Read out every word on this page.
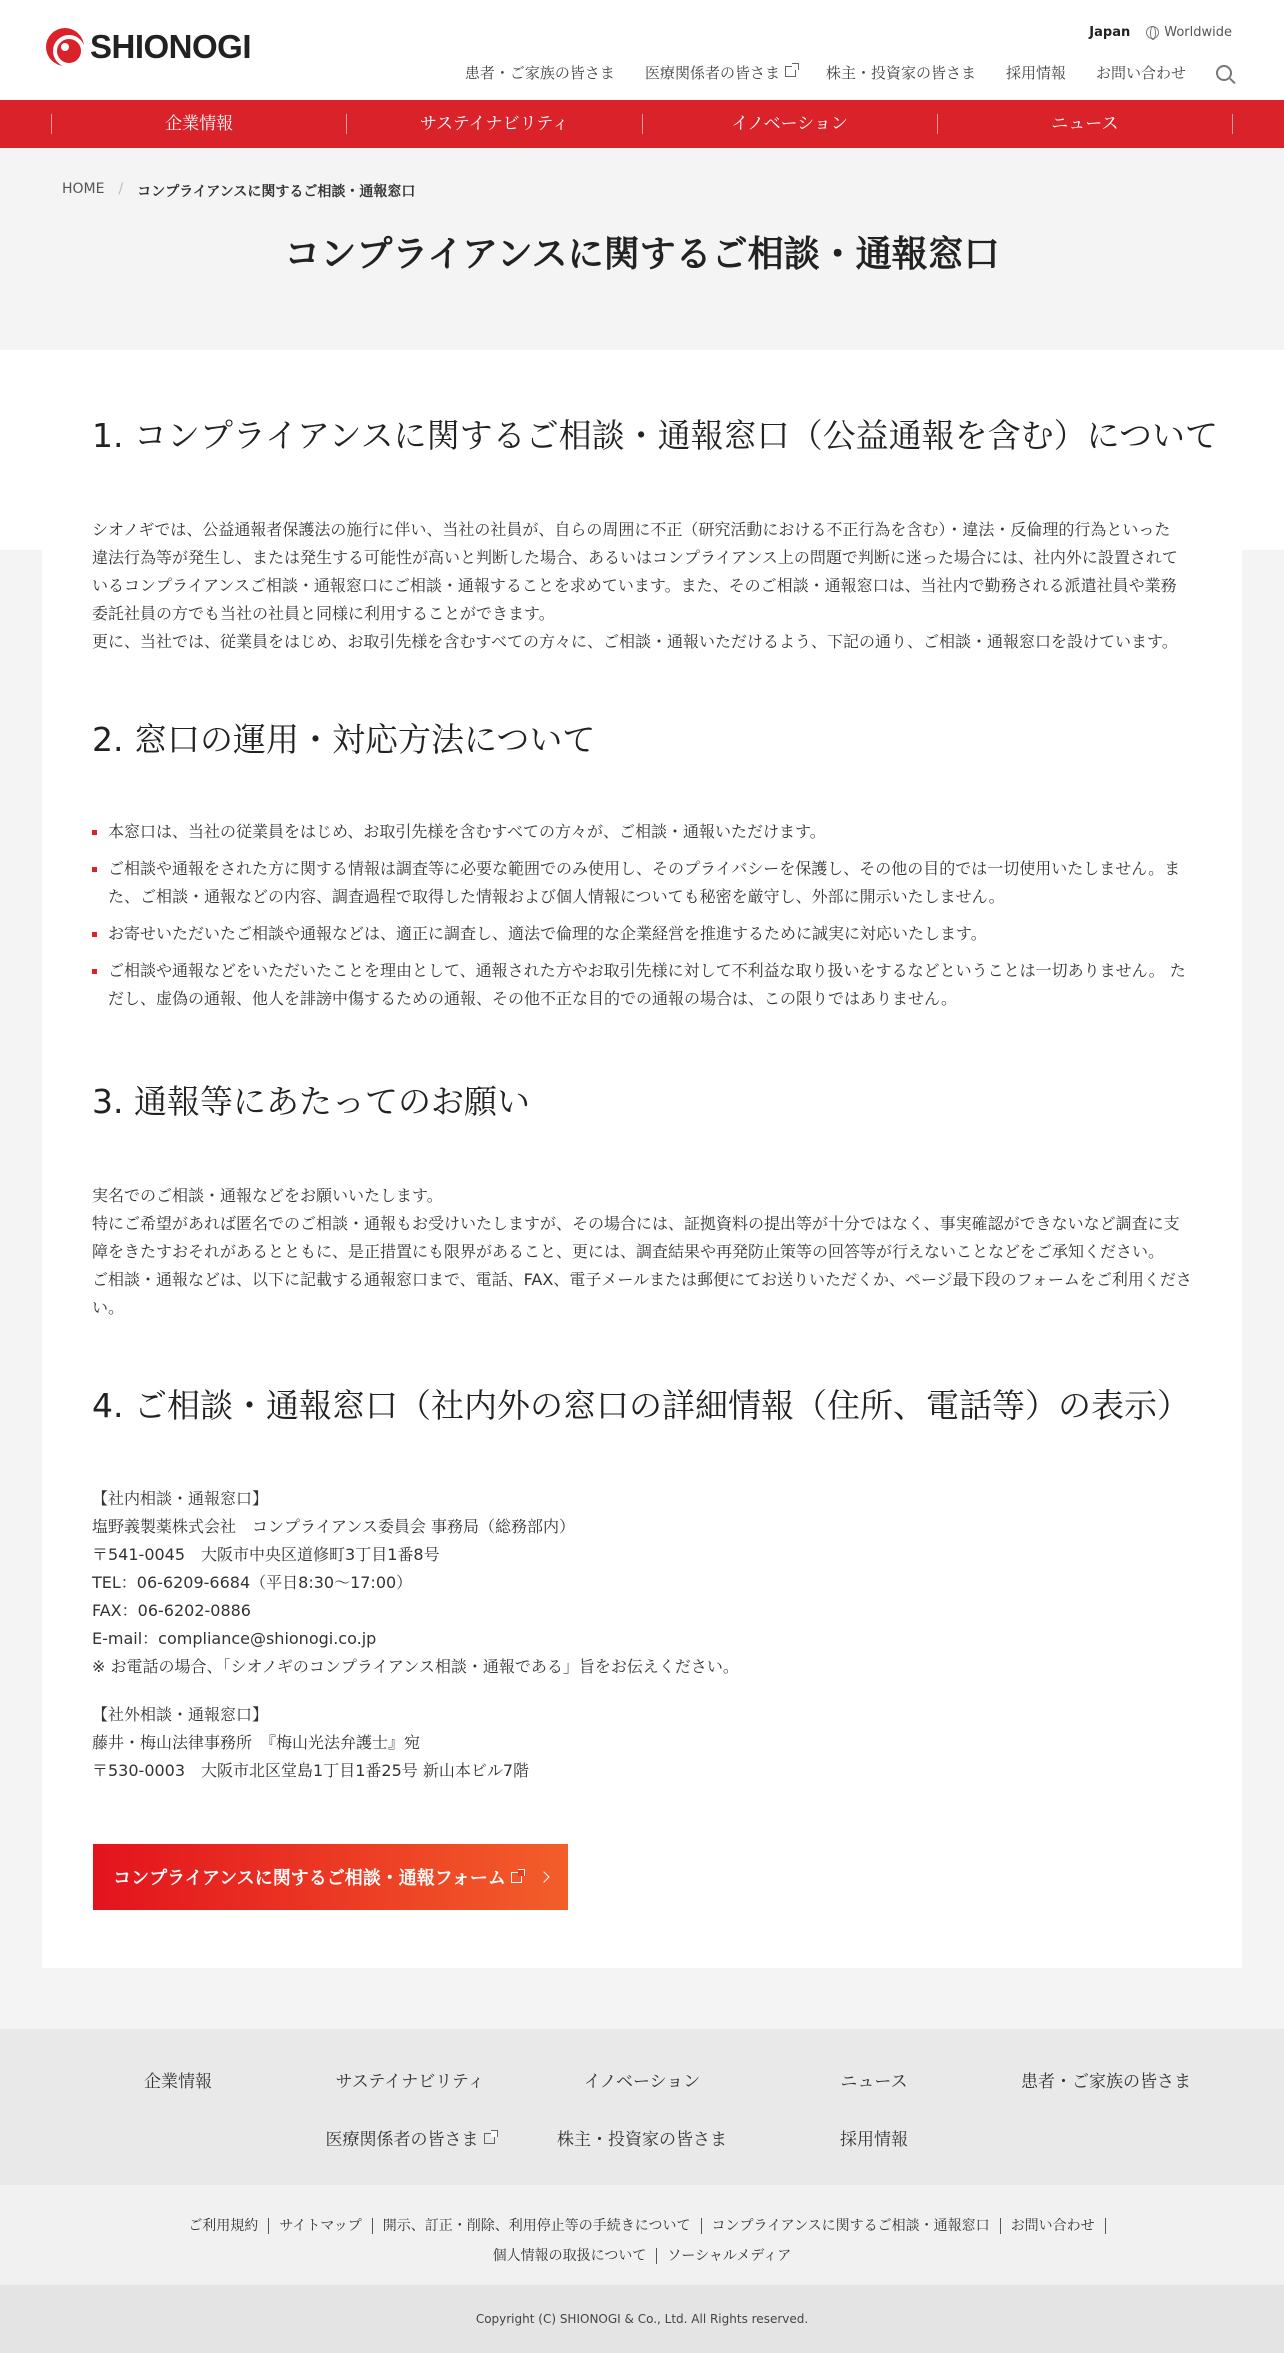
SHIONOGI	Japan	Worldwide
患者・ご家族の皆さま 医療関係者の皆さま	株主・投資家の皆さま 採用情報 お問い合わせ
企業情報	サステイナビリティ	イノベーション	ニュース
HOME / コンプライアンスに関するご相談・通報窓口
コンプライアンスに関するご相談・通報窓口
1. コンプライアンスに関するご相談・通報窓口（公益通報を含む）について

シオノギでは、公益通報者保護法の施行に伴い、当社の社員が、自らの周囲に不正（研究活動における不正行為を含む）・違法・反倫理的行為といった

違法行為等が発生し、または発生する可能性が高いと判断した場合、あるいはコンプライアンス上の問題で判断に迷った場合には、社内外に設置されて

いるコンプライアンスご相談・通報窓口にご相談・通報することを求めています。また、そのご相談・通報窓口は、当社内で勤務される派遣社員や業務

委託社員の方でも当社の社員と同様に利用することができます。

更に、当社では、従業員をはじめ、お取引先様を含むすべての方々に、ご相談・通報いただけるよう、下記の通り、ご相談・通報窓口を設けています。

2. 窓口の運用・対応方法について
本窓口は、当社の従業員をはじめ、お取引先様を含むすべての方々が、ご相談・通報いただけます。
ご相談や通報をされた方に関する情報は調査等に必要な範囲でのみ使用し、そのプライバシーを保護し、その他の目的では一切使用いたしません。ま
た、ご相談・通報などの内容、調査過程で取得した情報および個人情報についても秘密を厳守し、外部に開示いたしません。
お寄せいただいたご相談や通報などは、適正に調査し、適法で倫理的な企業経営を推進するために誠実に対応いたします。
ご相談や通報などをいただいたことを理由として、通報された方やお取引先様に対して不利益な取り扱いをするなどということは一切ありません。 た
だし、虚偽の通報、他人を誹謗中傷するための通報、その他不正な目的での通報の場合は、この限りではありません。
3. 通報等にあたってのお願い

実名でのご相談・通報などをお願いいたします。

特にご希望があれば匿名でのご相談・通報もお受けいたしますが、その場合には、証拠資料の提出等が十分ではなく、事実確認ができないなど調査に支

障をきたすおそれがあるとともに、是正措置にも限界があること、更には、調査結果や再発防止策等の回答等が行えないことなどをご承知ください。

ご相談・通報などは、以下に記載する通報窓口まで、電話、FAX、電子メールまたは郵便にてお送りいただくか、ページ最下段のフォームをご利用くださ

い。

4. ご相談・通報窓口（社内外の窓口の詳細情報（住所、電話等）の表示）

【社内相談・通報窓口】

塩野義製薬株式会社　コンプライアンス委員会 事務局（総務部内）

〒541-0045　大阪市中央区道修町3丁目1番8号

TEL：06-6209-6684（平日8:30～17:00）

FAX：06-6202-0886

E-mail：compliance@shionogi.co.jp

※ お電話の場合、「シオノギのコンプライアンス相談・通報である」旨をお伝えください。

【社外相談・通報窓口】

藤井・梅山法律事務所　『梅山光法弁護士』宛

〒530-0003　大阪市北区堂島1丁目1番25号 新山本ビル7階

コンプライアンスに関するご相談・通報フォーム
企業情報	サステイナビリティ	イノベーション	ニュース	患者・ご家族の皆さま
医療関係者の皆さま	株主・投資家の皆さま	採用情報
ご利用規約 サイトマップ 開示、訂正・削除、利用停止等の手続きについて コンプライアンスに関するご相談・通報窓口 お問い合わせ
個人情報の取扱について ソーシャルメディア
Copyright (C) SHIONOGI & Co., Ltd. All Rights reserved.
